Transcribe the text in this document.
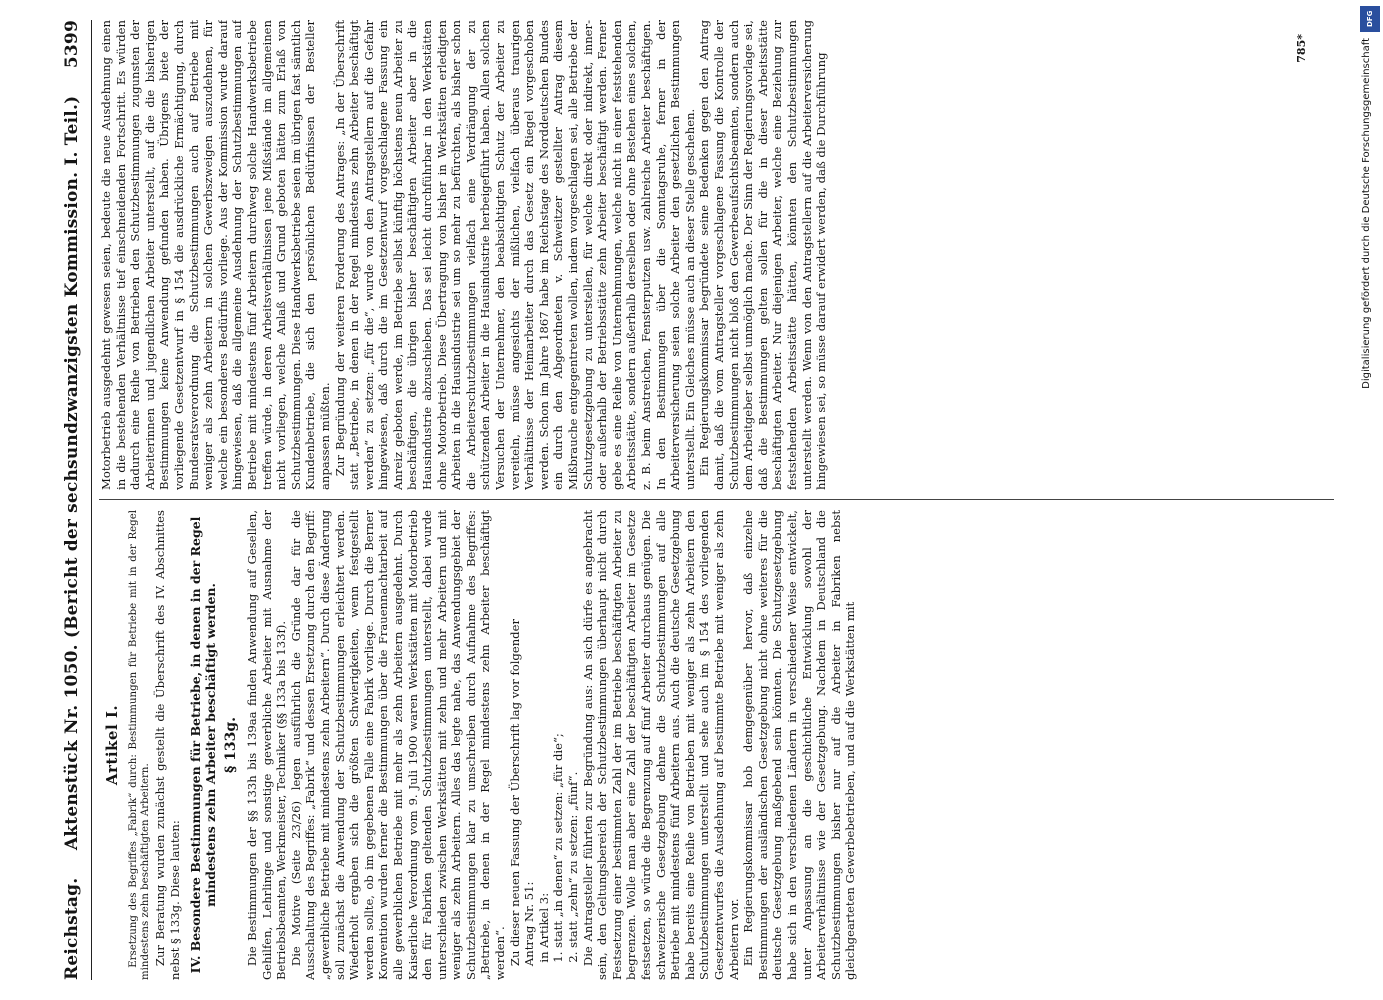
Reichstag.
Aktenstück Nr. 1050. (Bericht der sechsundzwanzigsten Kommission. I. Teil.)
5399
Artikel I. Ersetzung des Begriffes „Fabrik“ durch: Bestimmungen für Betriebe mit in der Regel mindestens zehn beschäftigten Arbeitern. Zur Beratung wurden zunächst gestellt die Überschrift des IV. Abschnittes nebst § 133g. Diese lauten: IV. Besondere Bestimmungen für Betriebe, in denen in der Regel mindestens zehn Arbeiter beschäftigt werden. § 133g. Die Bestimmungen der §§ 133h bis 139aa finden Anwendung auf Gesellen, Gehilfen, Lehrlinge und sonstige gewerbliche Arbeiter mit Ausnahme der Betriebsbeamten, Werkmeister, Techniker (§§ 133a bis 133f). Die Motive (Seite 23/26) legen ausführlich die Gründe dar für die Ausschaltung des Begriffes: „Fabrik“ und dessen Ersetzung durch den Begriff: „gewerbliche Betriebe mit mindestens zehn Arbeitern“. Durch diese Änderung soll zunächst die Anwendung der Schutzbestimmungen erleichtert werden. Wiederholt ergaben sich die größten Schwierigkeiten, wenn festgestellt werden sollte, ob im gegebenen Falle eine Fabrik vorliege. Durch die Berner Konvention wurden ferner die Bestimmungen über die Frauennachtarbeit auf alle gewerblichen Betriebe mit mehr als zehn Arbeitern ausgedehnt. Durch Kaiserliche Verordnung vom 9. Juli 1900 waren Werkstätten mit Motorbetrieb den für Fabriken geltenden Schutzbestimmungen unterstellt, dabei wurde unterschieden zwischen Werkstätten mit zehn und mehr Arbeitern und mit weniger als zehn Arbeitern. Alles das legte nahe, das Anwendungsgebiet der Schutzbestimmungen klar zu umschreiben durch Aufnahme des Begriffes: „Betriebe, in denen in der Regel mindestens zehn Arbeiter beschäftigt werden“. Zu dieser neuen Fassung der Überschrift lag vor folgender Antrag Nr. 51: in Artikel 3: 1. statt „in denen“ zu setzen: „für die“; 2. statt „zehn“ zu setzen: „fünf“. Die Antragsteller führten zur Begründung aus: An sich dürfe es angebracht sein, den Geltungsbereich der Schutzbestimmungen überhaupt nicht durch Festsetzung einer bestimmten Zahl der im Betriebe beschäftigten Arbeiter zu begrenzen. Wolle man aber eine Zahl der beschäftigten Arbeiter im Gesetze festsetzen, so würde die Begrenzung auf fünf Arbeiter durchaus genügen. Die schweizerische Gesetzgebung dehne die Schutzbestimmungen auf alle Betriebe mit mindestens fünf Arbeitern aus. Auch die deutsche Gesetzgebung habe bereits eine Reihe von Betrieben mit weniger als zehn Arbeitern den Schutzbestimmungen unterstellt und sehe auch im § 154 des vorliegenden Gesetzentwurfes die Ausdehnung auf bestimmte Betriebe mit weniger als zehn Arbeitern vor. Ein Regierungskommissar hob demgegenüber hervor, daß einzelne Bestimmungen der ausländischen Gesetzgebung nicht ohne weiteres für die deutsche Gesetzgebung maßgebend sein könnten. Die Schutzgesetzgebung habe sich in den verschiedenen Ländern in verschiedener Weise entwickelt, unter Anpassung an die geschichtliche Entwicklung sowohl der Arbeiterverhältnisse wie der Gesetzgebung. Nachdem in Deutschland die Schutzbestimmungen bisher nur auf die Arbeiter in Fabriken nebst gleichgearteten Gewerbebetrieben, und auf die Werkstätten mit

Motorbetrieb ausgedehnt gewesen seien, bedeute die neue Ausdehnung einen in die bestehenden Verhältnisse tief einschneidenden Fortschritt. Es würden dadurch eine Reihe von Betrieben den Schutzbestimmungen zugunsten der Arbeiterinnen und jugendlichen Arbeiter unterstellt, auf die die bisherigen Bestimmungen keine Anwendung gefunden haben. Übrigens biete der vorliegende Gesetzentwurf in § 154 die ausdrückliche Ermächtigung, durch Bundesratsverordnung die Schutzbestimmungen auch auf Betriebe mit weniger als zehn Arbeitern in solchen Gewerbszweigen auszudehnen, für welche ein besonderes Bedürfnis vorliege. Aus der Kommission wurde darauf hingewiesen, daß die allgemeine Ausdehnung der Schutzbestimmungen auf Betriebe mit mindestens fünf Arbeitern durchweg solche Handwerksbetriebe treffen würde, in deren Arbeitsverhältnissen jene Mißstände im allgemeinen nicht vorliegen, welche Anlaß und Grund geboten hätten zum Erlaß von Schutzbestimmungen. Diese Handwerksbetriebe seien im übrigen fast sämtlich Kundenbetriebe, die sich den persönlichen Bedürfnissen der Besteller anpassen müßten. Zur Begründung der weiteren Forderung des Antrages: „In der Überschrift statt „Betriebe, in denen in der Regel mindestens zehn Arbeiter beschäftigt werden“ zu setzen: „für die“, wurde von den Antragstellern auf die Gefahr hingewiesen, daß durch die im Gesetzentwurf vorgeschlagene Fassung ein Anreiz geboten werde, im Betriebe selbst künftig höchstens neun Arbeiter zu beschäftigen, die übrigen bisher beschäftigten Arbeiter aber in die Hausindustrie abzuschieben. Das sei leicht durchführbar in den Werkstätten ohne Motorbetrieb. Diese Übertragung von bisher in Werkstätten erledigten Arbeiten in die Hausindustrie sei um so mehr zu befürchten, als bisher schon die Arbeiterschutzbestimmungen vielfach eine Verdrängung der zu schützenden Arbeiter in die Hausindustrie herbeigeführt haben. Allen solchen Versuchen der Unternehmer, den beabsichtigten Schutz der Arbeiter zu vereiteln, müsse angesichts der mißlichen, vielfach überaus traurigen Verhältnisse der Heimarbeiter durch das Gesetz ein Riegel vorgeschoben werden. Schon im Jahre 1867 habe im Reichstage des Norddeutschen Bundes ein durch den Abgeordneten v. Schweitzer gestellter Antrag diesem Mißbrauche entgegentreten wollen, indem vorgeschlagen sei, alle Betriebe der Schutzgesetzgebung zu unterstellen, für welche direkt oder indirekt, inner- oder außerhalb der Betriebsstätte zehn Arbeiter beschäftigt werden. Ferner gebe es eine Reihe von Unternehmungen, welche nicht in einer feststehenden Arbeitsstätte, sondern außerhalb derselben oder ohne Bestehen eines solchen, z. B. beim Anstreichen, Fensterputzen usw. zahlreiche Arbeiter beschäftigen. In den Bestimmungen über die Sonntagsruhe, ferner in der Arbeiterversicherung seien solche Arbeiter den gesetzlichen Bestimmungen unterstellt. Ein Gleiches müsse auch an dieser Stelle geschehen. Ein Regierungskommissar begründete seine Bedenken gegen den Antrag damit, daß die vom Antragsteller vorgeschlagene Fassung die Kontrolle der Schutzbestimmungen nicht bloß den Gewerbeaufsichtsbeamten, sondern auch dem Arbeitgeber selbst unmöglich mache. Der Sinn der Regierungsvorlage sei, daß die Bestimmungen gelten sollen für die in dieser Arbeitsstätte beschäftigten Arbeiter. Nur diejenigen Arbeiter, welche eine Beziehung zur feststehenden Arbeitsstätte hätten, könnten den Schutzbestimmungen unterstellt werden. Wenn von den Antragstellern auf die Arbeiterversicherung hingewiesen sei, so müsse darauf erwidert werden, daß die Durchführung

785*
DFG
Digitalisierung gefördert durch die Deutsche Forschungsgemeinschaft
